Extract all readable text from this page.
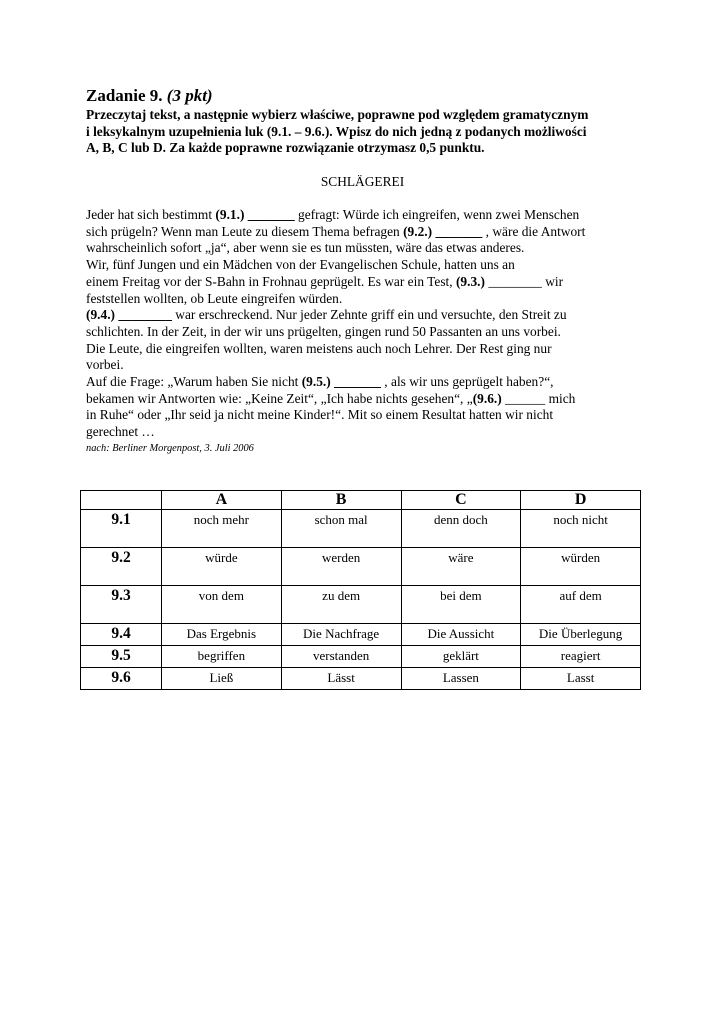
Zadanie 9. (3 pkt)
Przeczytaj tekst, a następnie wybierz właściwe, poprawne pod względem gramatycznym
i leksykalnym uzupełnienia luk (9.1. – 9.6.). Wpisz do nich jedną z podanych możliwości
A, B, C lub D. Za każde poprawne rozwiązanie otrzymasz 0,5 punktu.
SCHLÄGEREI
Jeder hat sich bestimmt (9.1.) _______ gefragt: Würde ich eingreifen, wenn zwei Menschen
sich prügeln? Wenn man Leute zu diesem Thema befragen (9.2.) _______ , wäre die Antwort
wahrscheinlich sofort „ja“, aber wenn sie es tun müssten, wäre das etwas anderes.
Wir, fünf Jungen und ein Mädchen von der Evangelischen Schule, hatten uns an
einem Freitag vor der S-Bahn in Frohnau geprügelt. Es war ein Test, (9.3.) ________ wir
feststellen wollten, ob Leute eingreifen würden.
(9.4.) ________ war erschreckend. Nur jeder Zehnte griff ein und versuchte, den Streit zu
schlichten. In der Zeit, in der wir uns prügelten, gingen rund 50 Passanten an uns vorbei.
Die Leute, die eingreifen wollten, waren meistens auch noch Lehrer. Der Rest ging nur
vorbei.
Auf die Frage: „Warum haben Sie nicht (9.5.) _______ , als wir uns geprügelt haben?“,
bekamen wir Antworten wie: „Keine Zeit“, „Ich habe nichts gesehen“, „(9.6.) ______ mich
in Ruhe“ oder „Ihr seid ja nicht meine Kinder!“. Mit so einem Resultat hatten wir nicht
gerechnet …
nach: Berliner Morgenpost, 3. Juli 2006
	A	B	C	D
9.1	noch mehr	schon mal	denn doch	noch nicht
9.2	würde	werden	wäre	würden
9.3	von dem	zu dem	bei dem	auf dem
9.4	Das Ergebnis	Die Nachfrage	Die Aussicht	Die Überlegung
9.5	begriffen	verstanden	geklärt	reagiert
9.6	Ließ	Lässt	Lassen	Lasst
